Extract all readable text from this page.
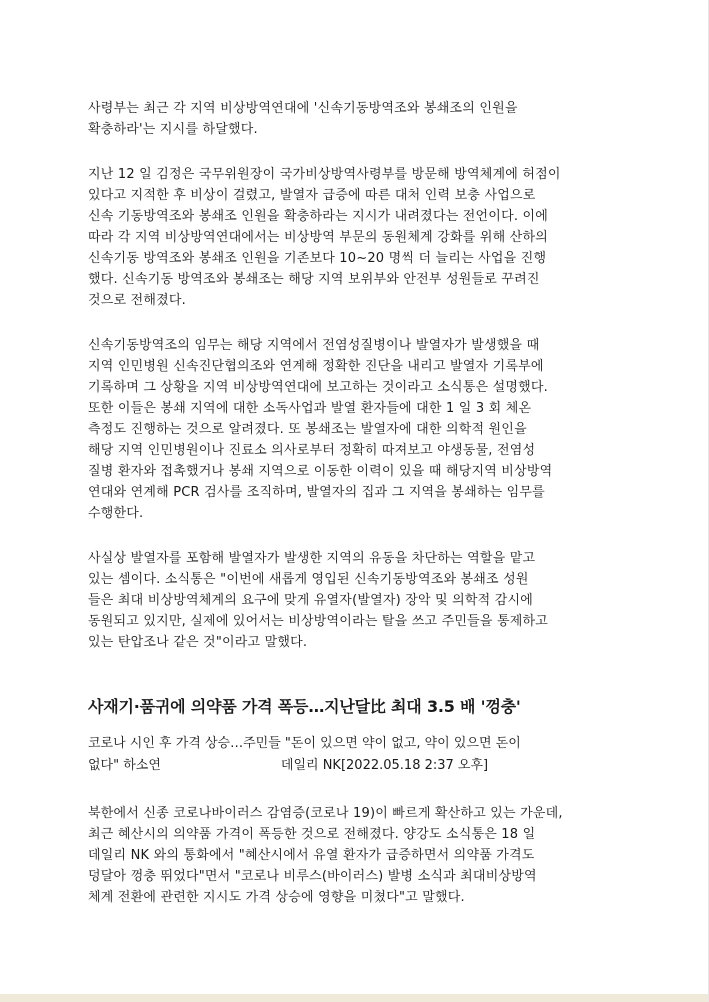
사령부는 최근 각 지역 비상방역연대에 '신속기동방역조와 봉쇄조의 인원을
확충하라'는 지시를 하달했다.

지난 12 일 김정은 국무위원장이 국가비상방역사령부를 방문해 방역체계에 허점이
있다고 지적한 후 비상이 걸렸고, 발열자 급증에 따른 대처 인력 보충 사업으로
신속 기동방역조와 봉쇄조 인원을 확충하라는 지시가 내려졌다는 전언이다. 이에
따라 각 지역 비상방역연대에서는 비상방역 부문의 동원체계 강화를 위해 산하의
신속기동 방역조와 봉쇄조 인원을 기존보다 10~20 명씩 더 늘리는 사업을 진행
했다. 신속기동 방역조와 봉쇄조는 해당 지역 보위부와 안전부 성원들로 꾸려진
것으로 전해졌다.

신속기동방역조의 임무는 해당 지역에서 전염성질병이나 발열자가 발생했을 때
지역 인민병원 신속진단협의조와 연계해 정확한 진단을 내리고 발열자 기록부에
기록하며 그 상황을 지역 비상방역연대에 보고하는 것이라고 소식통은 설명했다.
또한 이들은 봉쇄 지역에 대한 소독사업과 발열 환자들에 대한 1 일 3 회 체온
측정도 진행하는 것으로 알려졌다. 또 봉쇄조는 발열자에 대한 의학적 원인을
해당 지역 인민병원이나 진료소 의사로부터 정확히 따져보고 야생동물, 전염성
질병 환자와 접촉했거나 봉쇄 지역으로 이동한 이력이 있을 때 해당지역 비상방역
연대와 연계해 PCR 검사를 조직하며, 발열자의 집과 그 지역을 봉쇄하는 임무를
수행한다.

사실상 발열자를 포함해 발열자가 발생한 지역의 유동을 차단하는 역할을 맡고
있는 셈이다. 소식통은 "이번에 새롭게 영입된 신속기동방역조와 봉쇄조 성원
들은 최대 비상방역체계의 요구에 맞게 유열자(발열자) 장악 및 의학적 감시에
동원되고 있지만, 실제에 있어서는 비상방역이라는 탈을 쓰고 주민들을 통제하고
있는 탄압조나 같은 것"이라고 말했다.

사재기·품귀에 의약품 가격 폭등…지난달比 최대 3.5 배 '껑충'
코로나 시인 후 가격 상승…주민들 "돈이 있으면 약이 없고, 약이 있으면 돈이
없다" 하소연	데일리 NK[2022.05.18 2:37 오후]

북한에서 신종 코로나바이러스 감염증(코로나 19)이 빠르게 확산하고 있는 가운데,
최근 혜산시의 의약품 가격이 폭등한 것으로 전해졌다. 양강도 소식통은 18 일
데일리 NK 와의 통화에서 "혜산시에서 유열 환자가 급증하면서 의약품 가격도
덩달아 껑충 뛰었다"면서 "코로나 비루스(바이러스) 발병 소식과 최대비상방역
체계 전환에 관련한 지시도 가격 상승에 영향을 미쳤다"고 말했다.
